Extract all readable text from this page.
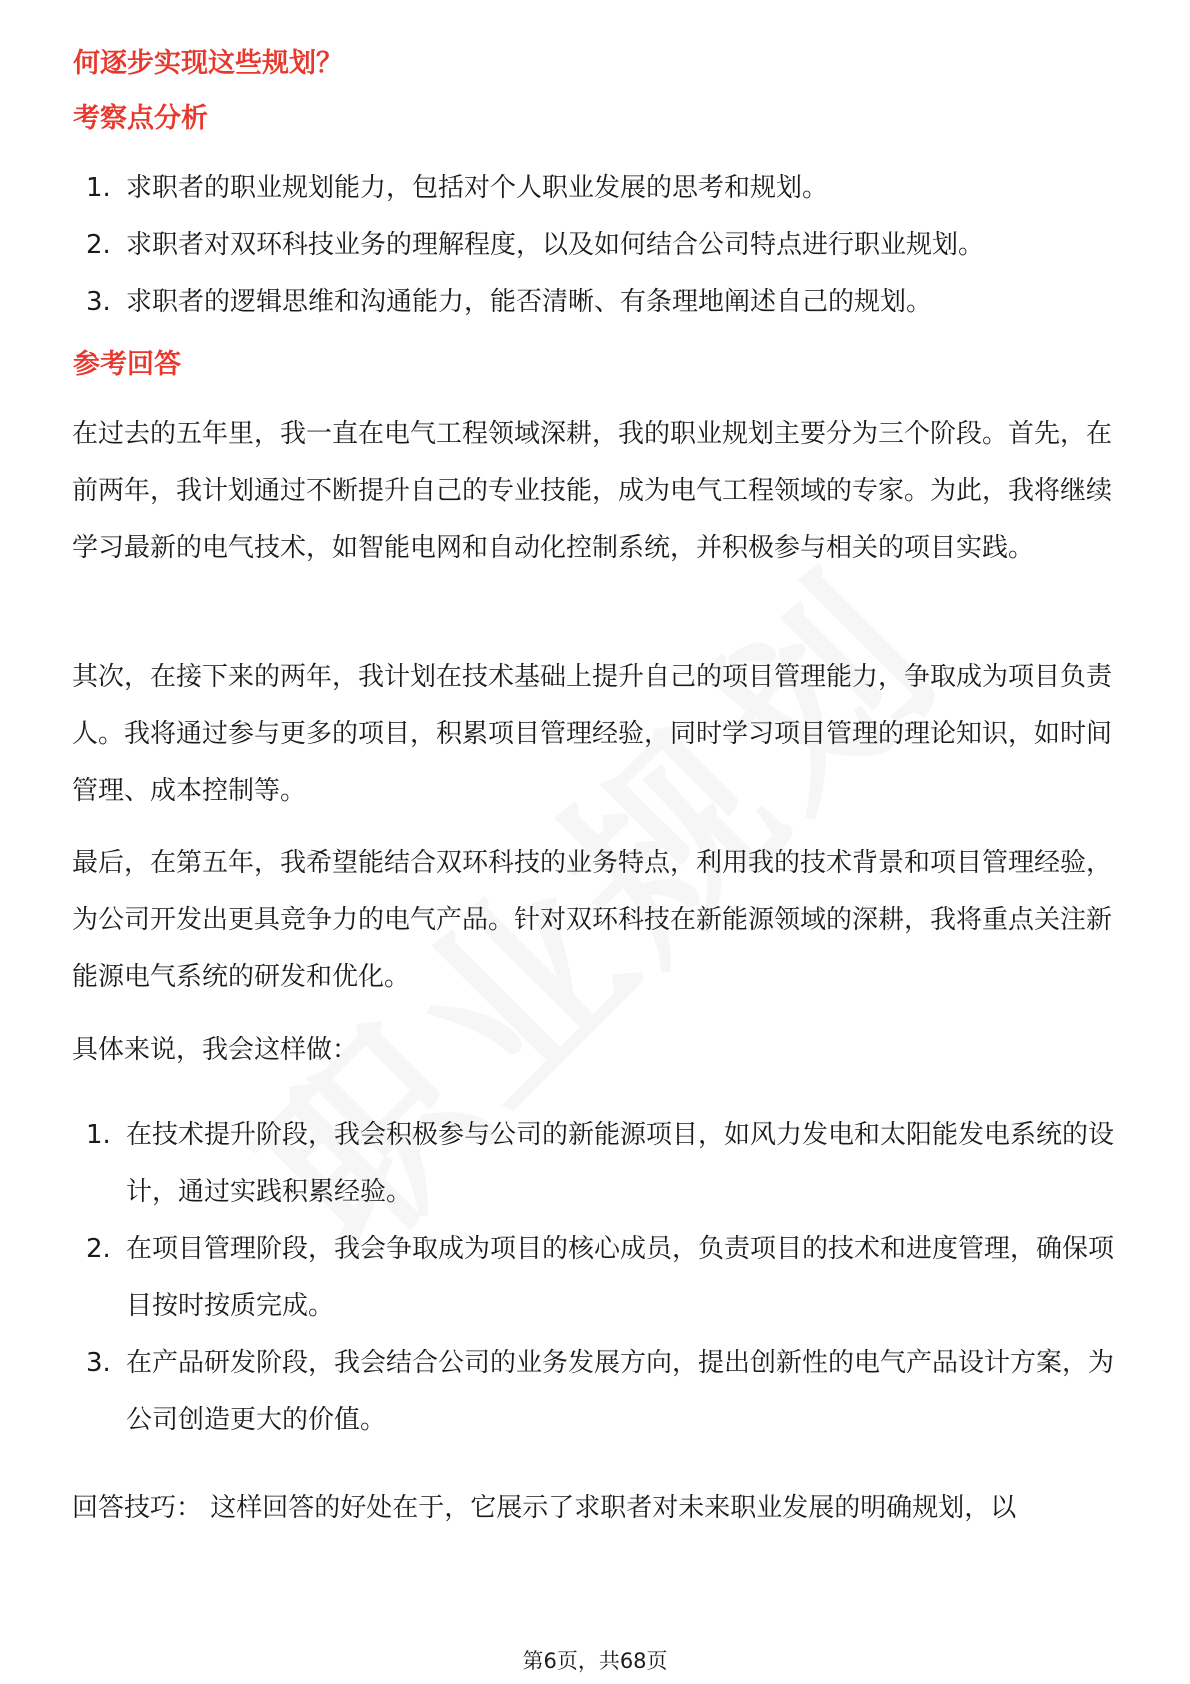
何逐步实现这些规划？
考察点分析
1. 求职者的职业规划能力，包括对个人职业发展的思考和规划。
2. 求职者对双环科技业务的理解程度，以及如何结合公司特点进行职业规划。
3. 求职者的逻辑思维和沟通能力，能否清晰、有条理地阐述自己的规划。
参考回答

在过去的五年里，我一直在电气工程领域深耕，我的职业规划主要分为三个阶段。首先，在前两年，我计划通过不断提升自己的专业技能，成为电气工程领域的专家。为此，我将继续学习最新的电气技术，如智能电网和自动化控制系统，并积极参与相关的项目实践。

其次，在接下来的两年，我计划在技术基础上提升自己的项目管理能力，争取成为项目负责人。我将通过参与更多的项目，积累项目管理经验，同时学习项目管理的理论知识，如时间管理、成本控制等。

最后，在第五年，我希望能结合双环科技的业务特点，利用我的技术背景和项目管理经验，为公司开发出更具竞争力的电气产品。针对双环科技在新能源领域的深耕，我将重点关注新能源电气系统的研发和优化。

具体来说，我会这样做：

1. 在技术提升阶段，我会积极参与公司的新能源项目，如风力发电和太阳能发电系统的设计，通过实践积累经验。
2. 在项目管理阶段，我会争取成为项目的核心成员，负责项目的技术和进度管理，确保项目按时按质完成。
3. 在产品研发阶段，我会结合公司的业务发展方向，提出创新性的电气产品设计方案，为公司创造更大的价值。

回答技巧： 这样回答的好处在于，它展示了求职者对未来职业发展的明确规划，以

第6页，共68页
